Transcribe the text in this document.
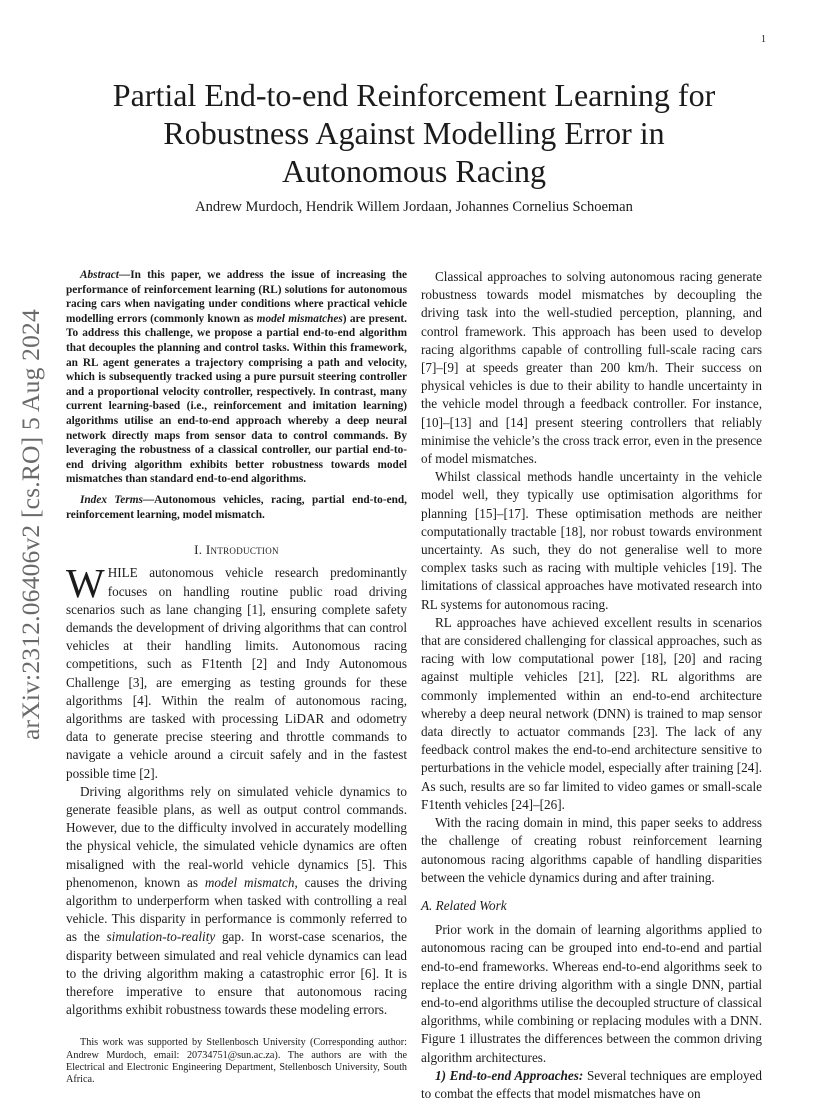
1
arXiv:2312.06406v2 [cs.RO] 5 Aug 2024
Partial End-to-end Reinforcement Learning for
Robustness Against Modelling Error in
Autonomous Racing
Andrew Murdoch, Hendrik Willem Jordaan, Johannes Cornelius Schoeman

Abstract—In this paper, we address the issue of increasing the performance of reinforcement learning (RL) solutions for autonomous racing cars when navigating under conditions where practical vehicle modelling errors (commonly known as model mismatches) are present. To address this challenge, we propose a partial end-to-end algorithm that decouples the planning and control tasks. Within this framework, an RL agent generates a trajectory comprising a path and velocity, which is subsequently tracked using a pure pursuit steering controller and a proportional velocity controller, respectively. In contrast, many current learning-based (i.e., reinforcement and imitation learning) algorithms utilise an end-to-end approach whereby a deep neural network directly maps from sensor data to control commands. By leveraging the robustness of a classical controller, our partial end-to-end driving algorithm exhibits better robustness towards model mismatches than standard end-to-end algorithms.

Index Terms—Autonomous vehicles, racing, partial end-to-end, reinforcement learning, model mismatch.

I. Introduction

WHILE autonomous vehicle research predominantly focuses on handling routine public road driving scenarios such as lane changing [1], ensuring complete safety demands the development of driving algorithms that can control vehicles at their handling limits. Autonomous racing competitions, such as F1tenth [2] and Indy Autonomous Challenge [3], are emerging as testing grounds for these algorithms [4]. Within the realm of autonomous racing, algorithms are tasked with processing LiDAR and odometry data to generate precise steering and throttle commands to navigate a vehicle around a circuit safely and in the fastest possible time [2].

Driving algorithms rely on simulated vehicle dynamics to generate feasible plans, as well as output control commands. However, due to the difficulty involved in accurately modelling the physical vehicle, the simulated vehicle dynamics are often misaligned with the real-world vehicle dynamics [5]. This phenomenon, known as model mismatch, causes the driving algorithm to underperform when tasked with controlling a real vehicle. This disparity in performance is commonly referred to as the simulation-to-reality gap. In worst-case scenarios, the disparity between simulated and real vehicle dynamics can lead to the driving algorithm making a catastrophic error [6]. It is therefore imperative to ensure that autonomous racing algorithms exhibit robustness towards these modeling errors.

This work was supported by Stellenbosch University (Corresponding author: Andrew Murdoch, email: 20734751@sun.ac.za). The authors are with the Electrical and Electronic Engineering Department, Stellenbosch University, South Africa.

Classical approaches to solving autonomous racing generate robustness towards model mismatches by decoupling the driving task into the well-studied perception, planning, and control framework. This approach has been used to develop racing algorithms capable of controlling full-scale racing cars [7]–[9] at speeds greater than 200 km/h. Their success on physical vehicles is due to their ability to handle uncertainty in the vehicle model through a feedback controller. For instance, [10]–[13] and [14] present steering controllers that reliably minimise the vehicle’s the cross track error, even in the presence of model mismatches.

Whilst classical methods handle uncertainty in the vehicle model well, they typically use optimisation algorithms for planning [15]–[17]. These optimisation methods are neither computationally tractable [18], nor robust towards environment uncertainty. As such, they do not generalise well to more complex tasks such as racing with multiple vehicles [19]. The limitations of classical approaches have motivated research into RL systems for autonomous racing.

RL approaches have achieved excellent results in scenarios that are considered challenging for classical approaches, such as racing with low computational power [18], [20] and racing against multiple vehicles [21], [22]. RL algorithms are commonly implemented within an end-to-end architecture whereby a deep neural network (DNN) is trained to map sensor data directly to actuator commands [23]. The lack of any feedback control makes the end-to-end architecture sensitive to perturbations in the vehicle model, especially after training [24]. As such, results are so far limited to video games or small-scale F1tenth vehicles [24]–[26].

With the racing domain in mind, this paper seeks to address the challenge of creating robust reinforcement learning autonomous racing algorithms capable of handling disparities between the vehicle dynamics during and after training.

A. Related Work

Prior work in the domain of learning algorithms applied to autonomous racing can be grouped into end-to-end and partial end-to-end frameworks. Whereas end-to-end algorithms seek to replace the entire driving algorithm with a single DNN, partial end-to-end algorithms utilise the decoupled structure of classical algorithms, while combining or replacing modules with a DNN. Figure 1 illustrates the differences between the common driving algorithm architectures.

1) End-to-end Approaches: Several techniques are employed to combat the effects that model mismatches have on
